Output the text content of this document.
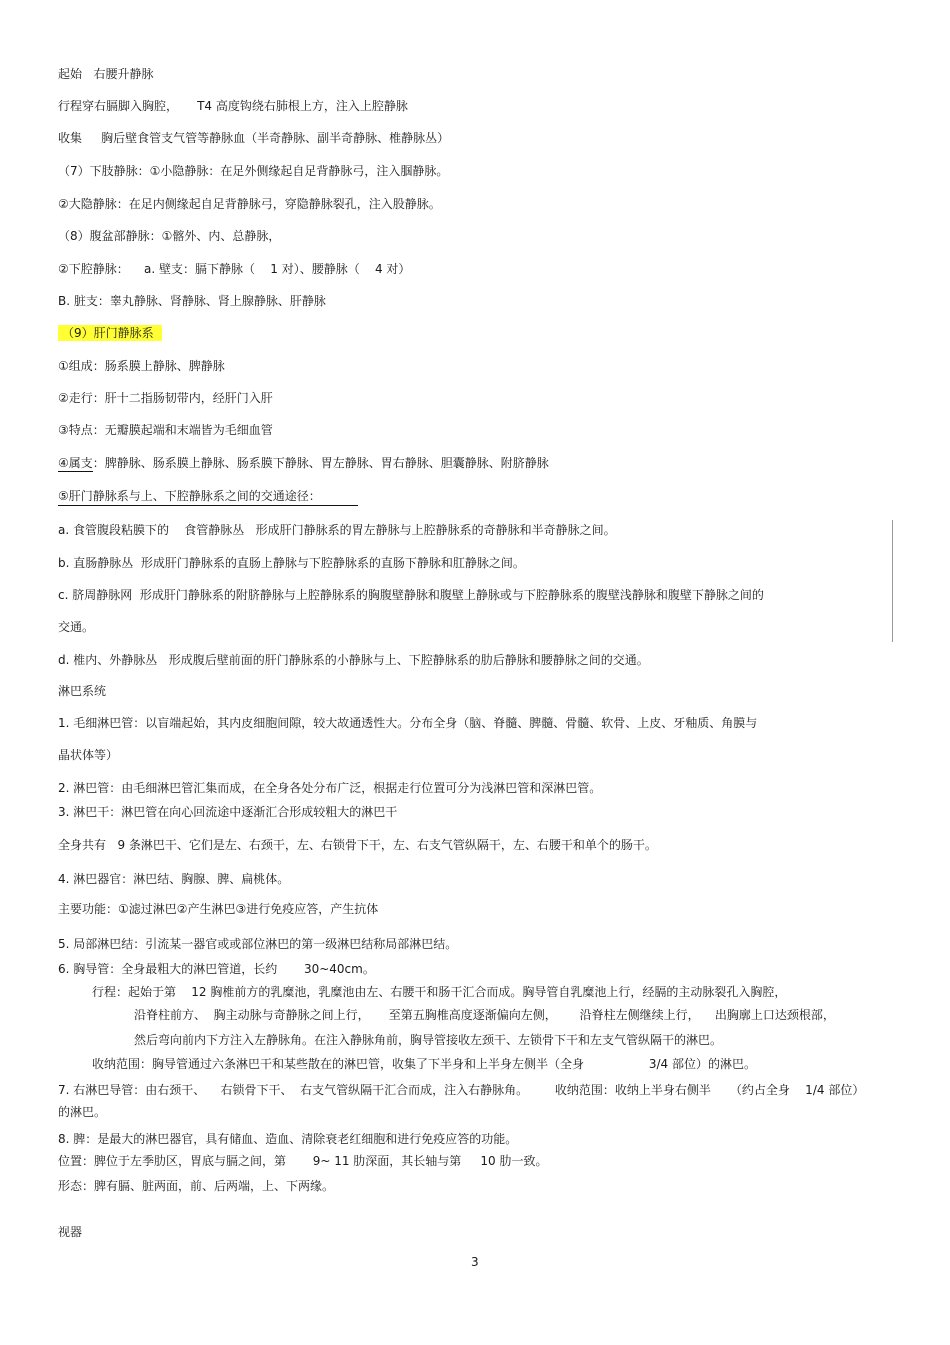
起始   右腰升静脉
行程穿右膈脚入胸腔，     T4 高度钩绕右肺根上方，注入上腔静脉
收集     胸后壁食管支气管等静脉血（半奇静脉、副半奇静脉、椎静脉丛）
（7）下肢静脉：①小隐静脉：在足外侧缘起自足背静脉弓，注入腘静脉。
②大隐静脉：在足内侧缘起自足背静脉弓，穿隐静脉裂孔，注入股静脉。
（8）腹盆部静脉：①髂外、内、总静脉，
②下腔静脉：    a. 壁支：膈下静脉（    1 对）、腰静脉（    4 对）
B. 脏支：睾丸静脉、肾静脉、肾上腺静脉、肝静脉
（9）肝门静脉系
①组成：肠系膜上静脉、脾静脉
②走行：肝十二指肠韧带内，经肝门入肝
③特点：无瓣膜起端和末端皆为毛细血管
④属支：脾静脉、肠系膜上静脉、肠系膜下静脉、胃左静脉、胃右静脉、胆囊静脉、附脐静脉
⑤肝门静脉系与上、下腔静脉系之间的交通途径：
a. 食管腹段粘膜下的    食管静脉丛   形成肝门静脉系的胃左静脉与上腔静脉系的奇静脉和半奇静脉之间。
b. 直肠静脉丛  形成肝门静脉系的直肠上静脉与下腔静脉系的直肠下静脉和肛静脉之间。
c. 脐周静脉网  形成肝门静脉系的附脐静脉与上腔静脉系的胸腹壁静脉和腹壁上静脉或与下腔静脉系的腹壁浅静脉和腹壁下静脉之间的
交通。
d. 椎内、外静脉丛   形成腹后壁前面的肝门静脉系的小静脉与上、下腔静脉系的肋后静脉和腰静脉之间的交通。
淋巴系统
1. 毛细淋巴管：以盲端起始，其内皮细胞间隙，较大故通透性大。分布全身（脑、脊髓、脾髓、骨髓、软骨、上皮、牙釉质、角膜与
晶状体等）
2. 淋巴管：由毛细淋巴管汇集而成，在全身各处分布广泛，根据走行位置可分为浅淋巴管和深淋巴管。
3. 淋巴干：淋巴管在向心回流途中逐渐汇合形成较粗大的淋巴干
全身共有   9 条淋巴干、它们是左、右颈干，左、右锁骨下干，左、右支气管纵隔干，左、右腰干和单个的肠干。
4. 淋巴器官：淋巴结、胸腺、脾、扁桃体。
主要功能：①滤过淋巴②产生淋巴③进行免疫应答，产生抗体
5. 局部淋巴结：引流某一器官或或部位淋巴的第一级淋巴结称局部淋巴结。
6. 胸导管：全身最粗大的淋巴管道，长约       30~40cm。
行程：起始于第    12 胸椎前方的乳糜池，乳糜池由左、右腰干和肠干汇合而成。胸导管自乳糜池上行，经膈的主动脉裂孔入胸腔，
沿脊柱前方、  胸主动脉与奇静脉之间上行，     至第五胸椎高度逐渐偏向左侧，      沿脊柱左侧继续上行，    出胸廓上口达颈根部，
然后弯向前内下方注入左静脉角。在注入静脉角前，胸导管接收左颈干、左锁骨下干和左支气管纵隔干的淋巴。
收纳范围：胸导管通过六条淋巴干和某些散在的淋巴管，收集了下半身和上半身左侧半（全身                 3/4 部位）的淋巴。
7. 右淋巴导管：由右颈干、    右锁骨下干、  右支气管纵隔干汇合而成，注入右静脉角。       收纳范围：收纳上半身右侧半     （约占全身    1/4 部位）
的淋巴。
8. 脾：是最大的淋巴器官，具有储血、造血、清除衰老红细胞和进行免疫应答的功能。
位置：脾位于左季肋区，胃底与膈之间，第       9~ 11 肋深面，其长轴与第     10 肋一致。
形态：脾有膈、脏两面，前、后两端，上、下两缘。
视器
3
